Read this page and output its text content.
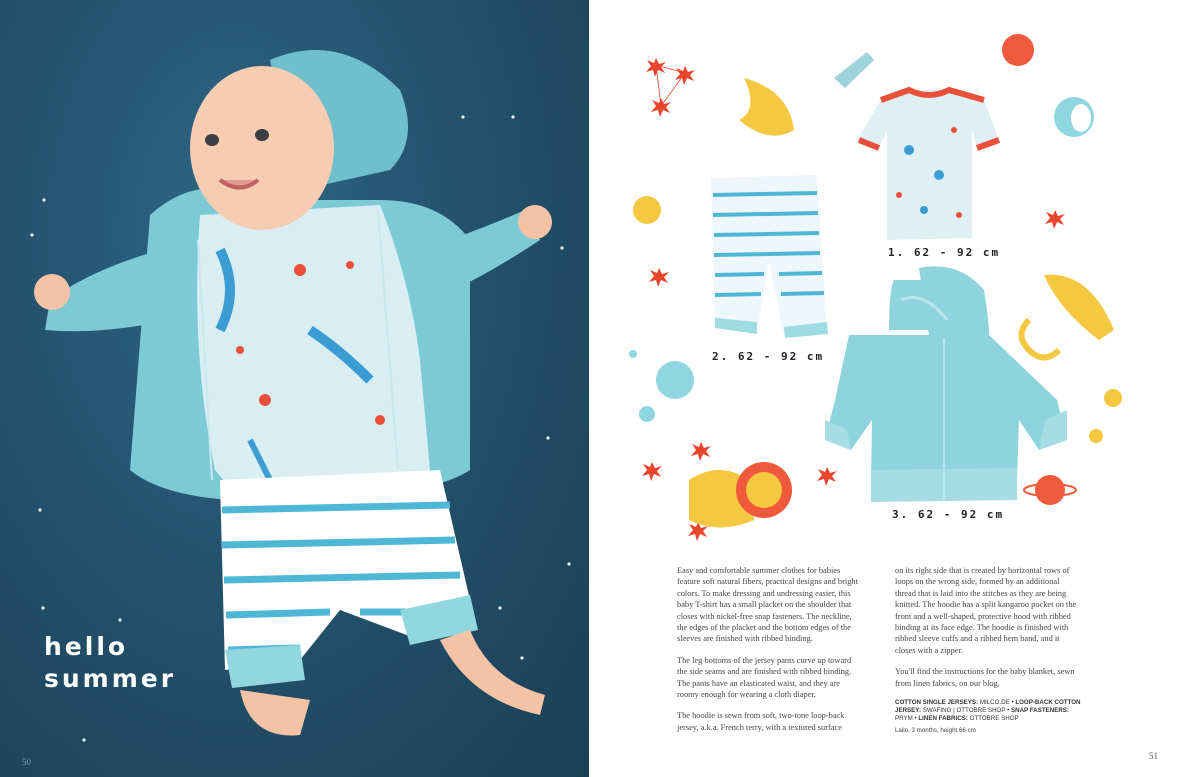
hello
summer
50
1. 62 - 92 cm
2. 62 - 92 cm
3. 62 - 92 cm

Easy and comfortable summer clothes for babies feature soft natural fibers, practical designs and bright colors. To make dressing and undressing easier, this baby T-shirt has a small placket on the shoulder that closes with nickel-free snap fasteners. The neckline, the edges of the placket and the bottom edges of the sleeves are finished with ribbed binding.

The leg bottoms of the jersey pants curve up toward the side seams and are finished with ribbed binding. The pants have an elasticated waist, and they are roomy enough for wearing a cloth diaper.

The hoodie is sewn from soft, two-tone loop-back jersey, a.k.a. French terry, with a textured surface

on its right side that is created by horizontal rows of loops on the wrong side, formed by an additional thread that is laid into the stitches as they are being knitted. The hoodie has a split kangaroo pocket on the front and a well-shaped, protective hood with ribbed binding at its face edge. The hoodie is finished with ribbed sleeve cuffs and a ribbed hem band, and it closes with a zipper.

You'll find the instructions for the baby blanket, sewn from linen fabrics, on our blog.

COTTON SINGLE JERSEYS: MILCO.DE • LOOP-BACK COTTON JERSEY: SWAFING | OTTOBRE SHOP • SNAP FASTENERS: PRYM • LINEN FABRICS: OTTOBRE SHOP
Lailo, 3 months, height 66 cm
51
